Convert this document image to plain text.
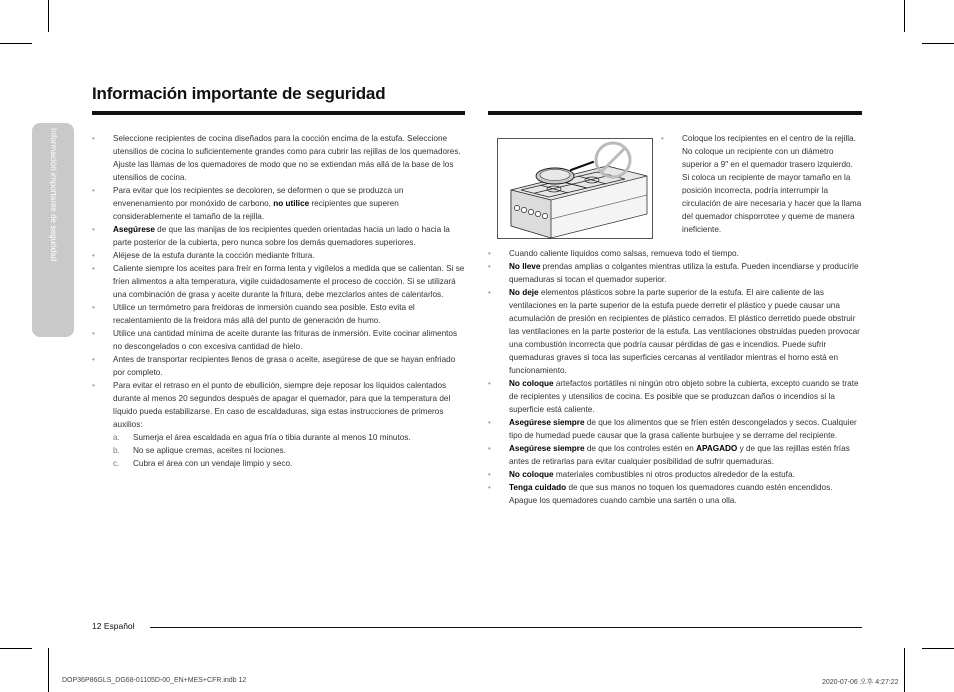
Información importante de seguridad
Información importante de seguridad
• Seleccione recipientes de cocina diseñados para la cocción encima de la estufa. Seleccione utensilios de cocina lo suficientemente grandes como para cubrir las rejillas de los quemadores. Ajuste las llamas de los quemadores de modo que no se extiendan más allá de la base de los utensilios de cocina.
• Para evitar que los recipientes se decoloren, se deformen o que se produzca un envenenamiento por monóxido de carbono, no utilice recipientes que superen considerablemente el tamaño de la rejilla.
• Asegúrese de que las manijas de los recipientes queden orientadas hacia un lado o hacia la parte posterior de la cubierta, pero nunca sobre los demás quemadores superiores.
• Aléjese de la estufa durante la cocción mediante fritura.
• Caliente siempre los aceites para freír en forma lenta y vigílelos a medida que se calientan. Si se fríen alimentos a alta temperatura, vigile cuidadosamente el proceso de cocción. Si se utilizará una combinación de grasa y aceite durante la fritura, debe mezclarlos antes de calentarlos.
• Utilice un termómetro para freidoras de inmersión cuando sea posible. Esto evita el recalentamiento de la freidora más allá del punto de generación de humo.
• Utilice una cantidad mínima de aceite durante las frituras de inmersión. Evite cocinar alimentos no descongelados o con excesiva cantidad de hielo.
• Antes de transportar recipientes llenos de grasa o aceite, asegúrese de que se hayan enfriado por completo.
• Para evitar el retraso en el punto de ebullición, siempre deje reposar los líquidos calentados durante al menos 20 segundos después de apagar el quemador, para que la temperatura del líquido pueda estabilizarse. En caso de escaldaduras, siga estas instrucciones de primeros auxilios:
a. Sumerja el área escaldada en agua fría o tibia durante al menos 10 minutos.
b. No se aplique cremas, aceites ni lociones.
c. Cubra el área con un vendaje limpio y seco.
• Coloque los recipientes en el centro de la rejilla. No coloque un recipiente con un diámetro superior a 9" en el quemador trasero izquierdo. Si coloca un recipiente de mayor tamaño en la posición incorrecta, podría interrumpir la circulación de aire necesaria y hacer que la llama del quemador chisporrotee y queme de manera ineficiente.
• Cuando caliente líquidos como salsas, remueva todo el tiempo.
• No lleve prendas amplias o colgantes mientras utiliza la estufa. Pueden incendiarse y producirle quemaduras si tocan el quemador superior.
• No deje elementos plásticos sobre la parte superior de la estufa. El aire caliente de las ventilaciones en la parte superior de la estufa puede derretir el plástico y puede causar una acumulación de presión en recipientes de plástico cerrados. El plástico derretido puede obstruir las ventilaciones en la parte posterior de la estufa. Las ventilaciones obstruidas pueden provocar una combustión incorrecta que podría causar pérdidas de gas e incendios. Puede sufrir quemaduras graves si toca las superficies cercanas al ventilador mientras el horno está en funcionamiento.
• No coloque artefactos portátiles ni ningún otro objeto sobre la cubierta, excepto cuando se trate de recipientes y utensilios de cocina. Es posible que se produzcan daños o incendios si la superficie está caliente.
• Asegúrese siempre de que los alimentos que se fríen estén descongelados y secos. Cualquier tipo de humedad puede causar que la grasa caliente burbujee y se derrame del recipiente.
• Asegúrese siempre de que los controles estén en APAGADO y de que las rejillas estén frías antes de retirarlas para evitar cualquier posibilidad de sufrir quemaduras.
• No coloque materiales combustibles ni otros productos alrededor de la estufa.
• Tenga cuidado de que sus manos no toquen los quemadores cuando estén encendidos. Apague los quemadores cuando cambie una sartén o una olla.
12 Español
DOP36P86GLS_DG68-01105D-00_EN+MES+CFR.indb 12	2020-07-06 오후 4:27:22
